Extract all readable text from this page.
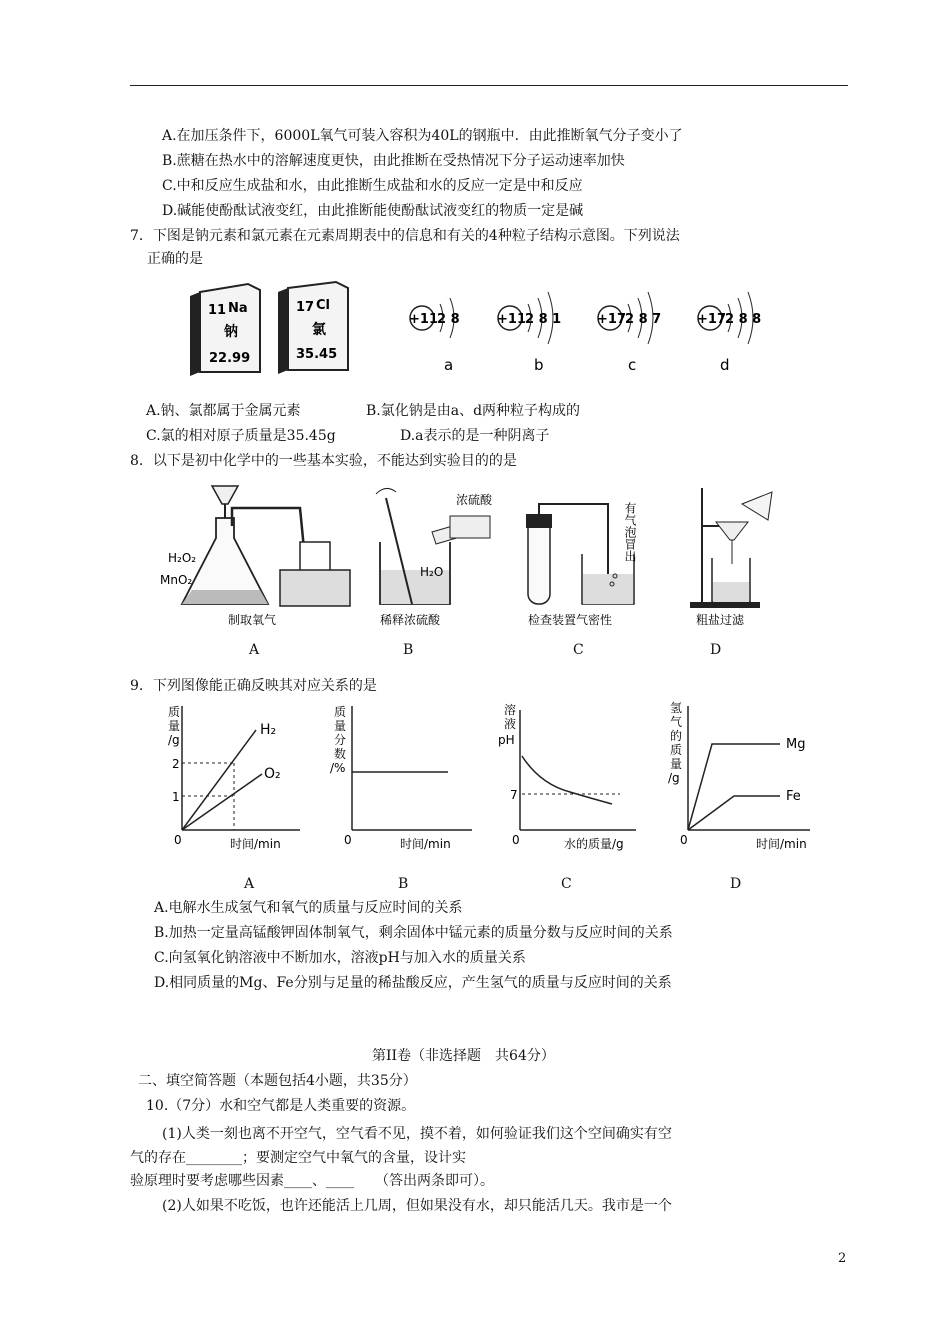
A.在加压条件下，6000L氧气可装入容积为40L的钢瓶中．由此推断氧气分子变小了
B.蔗糖在热水中的溶解速度更快，由此推断在受热情况下分子运动速率加快
C.中和反应生成盐和水，由此推断生成盐和水的反应一定是中和反应
D.碱能使酚酞试液变红，由此推断能使酚酞试液变红的物质一定是碱
7．下图是钠元素和氯元素在元素周期表中的信息和有关的4种粒子结构示意图。下列说法
正确的是
11 Na
钠
22.99
17 Cl
氯
35.45
+11 2 8
a
+11 2 8 1
b
+17 2 8 7
c
+17 2 8 8
d
A.钠、氯都属于金属元素	B.氯化钠是由a、d两种粒子构成的
C.氯的相对原子质量是35.45g	D.a表示的是一种阴离子
8．以下是初中化学中的一些基本实验，不能达到实验目的的是
H₂O₂
MnO₂
制取氧气
浓硫酸
H₂O
稀释浓硫酸
有气泡冒出
检查装置气密性	粗盐过滤
A	B	C	D
9．下列图像能正确反映其对应关系的是
质
量
/g
2
1
0
H₂
O₂
时间/min
质
量
分
数
/%
0	时间/min
溶
液
pH
7
0	水的质量/g
氢
气
的
质
量
/g
0
Mg
Fe
时间/min
A	B	C	D
A.电解水生成氢气和氧气的质量与反应时间的关系
B.加热一定量高锰酸钾固体制氧气，剩余固体中锰元素的质量分数与反应时间的关系
C.向氢氧化钠溶液中不断加水，溶液pH与加入水的质量关系
D.相同质量的Mg、Fe分别与足量的稀盐酸反应，产生氢气的质量与反应时间的关系
第II卷（非选择题　共64分）
二、填空简答题（本题包括4小题，共35分）
10.（7分）水和空气都是人类重要的资源。
(1)人类一刻也离不开空气，空气看不见，摸不着，如何验证我们这个空间确实有空
气的存在________；要测定空气中氧气的含量，设计实
验原理时要考虑哪些因素____、____　　（答出两条即可）。
(2)人如果不吃饭，也许还能活上几周，但如果没有水，却只能活几天。我市是一个
2
